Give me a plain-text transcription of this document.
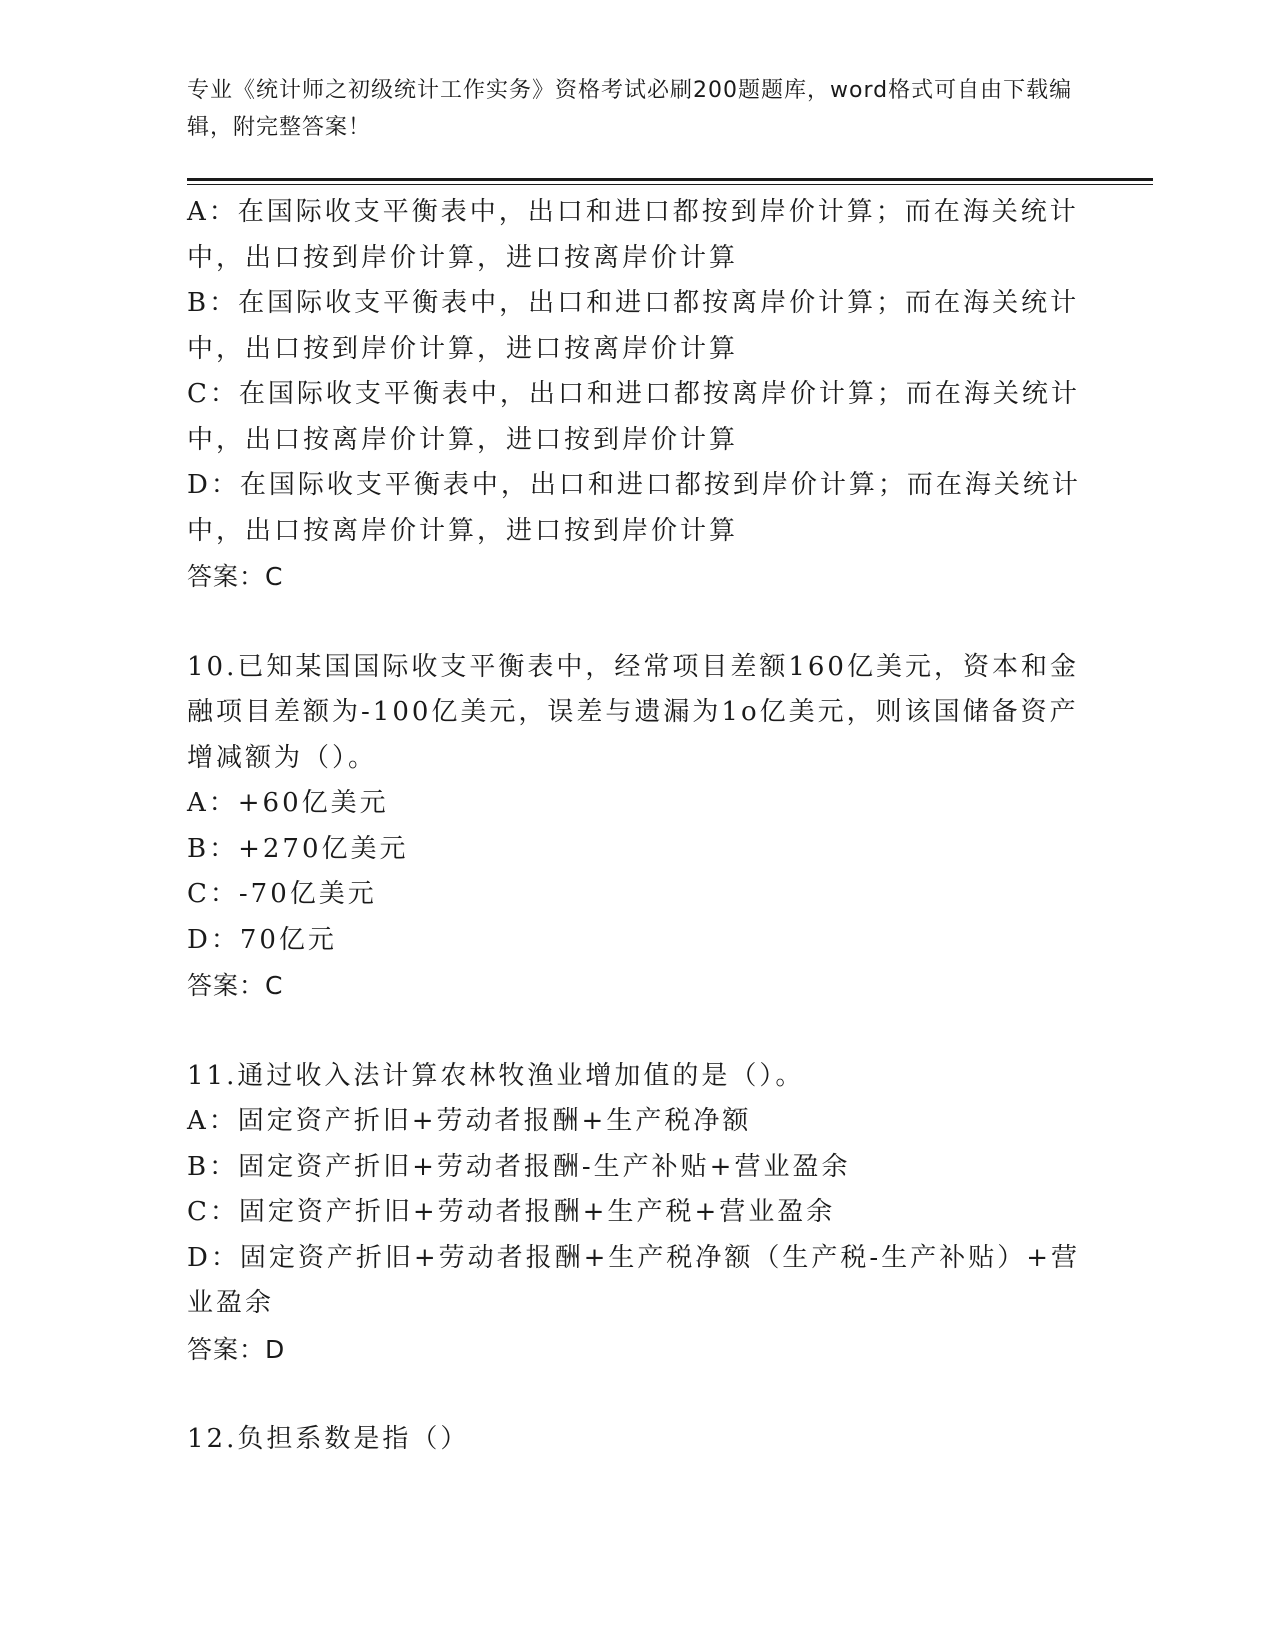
专业《统计师之初级统计工作实务》资格考试必刷200题题库，word格式可自由下载编辑，附完整答案！

A：在国际收支平衡表中，出口和进口都按到岸价计算；而在海关统计中，出口按到岸价计算，进口按离岸价计算

B：在国际收支平衡表中，出口和进口都按离岸价计算；而在海关统计中，出口按到岸价计算，进口按离岸价计算

C：在国际收支平衡表中，出口和进口都按离岸价计算；而在海关统计中，出口按离岸价计算，进口按到岸价计算

D：在国际收支平衡表中，出口和进口都按到岸价计算；而在海关统计中，出口按离岸价计算，进口按到岸价计算

答案：C

10.已知某国国际收支平衡表中，经常项目差额160亿美元，资本和金融项目差额为-100亿美元，误差与遗漏为1o亿美元，则该国储备资产增减额为（）。

A：+60亿美元

B：+270亿美元

C：-70亿美元

D：70亿元

答案：C

11.通过收入法计算农林牧渔业增加值的是（）。

A：固定资产折旧+劳动者报酬+生产税净额

B：固定资产折旧+劳动者报酬-生产补贴+营业盈余

C：固定资产折旧+劳动者报酬+生产税+营业盈余

D：固定资产折旧+劳动者报酬+生产税净额（生产税-生产补贴）+营业盈余

答案：D

12.负担系数是指（）
